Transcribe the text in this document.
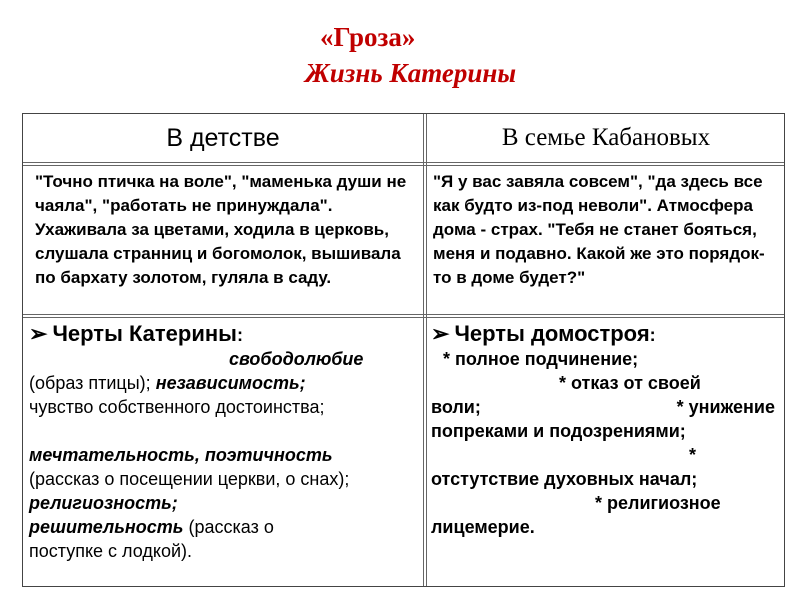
«Гроза»
Жизнь Катерины
В детстве	В семье Кабановых
"Точно птичка на воле", "маменька души не чаяла", "работать не принуждала". Ухаживала за цветами, ходила в церковь, слушала странниц и богомолок, вышивала по бархату золотом, гуляла в саду.
"Я у вас завяла совсем", "да здесь все как будто из-под неволи". Атмосфера дома - страх. "Тебя не станет бояться, меня и подавно. Какой же это порядок-то в доме будет?"
➢ Черты Катерины:
свободолюбие
(образ птицы); независимость;
чувство собственного достоинства;

мечтательность, поэтичность
(рассказ о посещении церкви, о снах);
религиозность;
решительность (рассказ о
поступке с лодкой).
➢ Черты домостроя:
* полное подчинение;
* отказ от своей
воли;	* унижение
попреками и подозрениями;
*
отстутствие духовных начал;
* религиозное
лицемерие.
